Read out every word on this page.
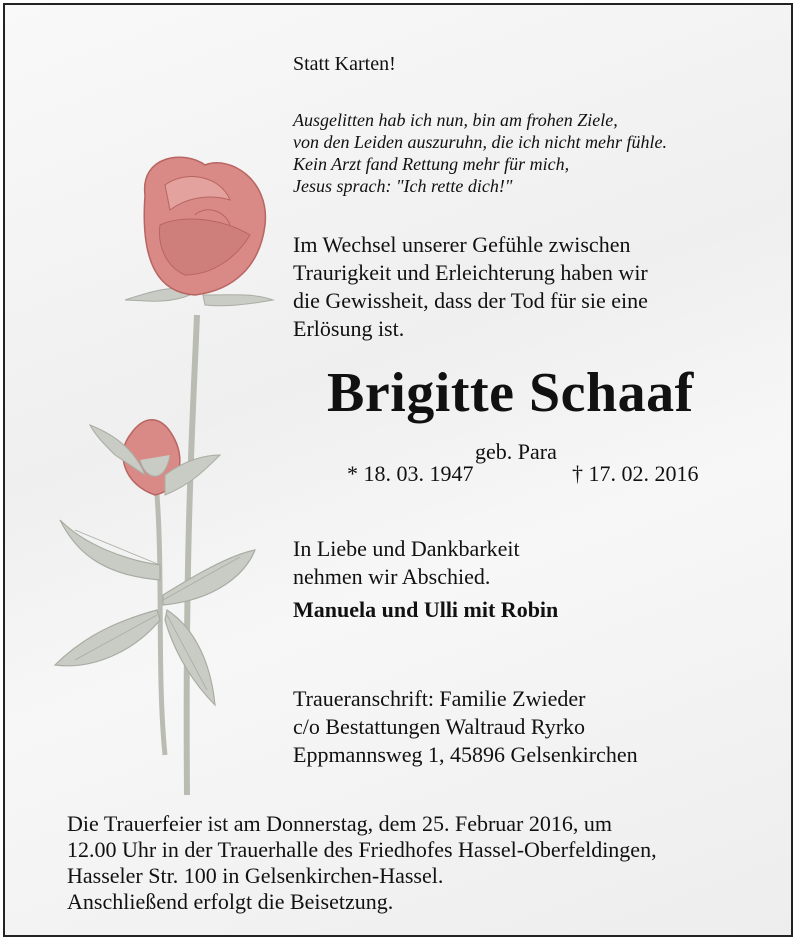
Statt Karten!
Ausgelitten hab ich nun, bin am frohen Ziele,
von den Leiden auszuruhn, die ich nicht mehr fühle.
Kein Arzt fand Rettung mehr für mich,
Jesus sprach: "Ich rette dich!"
Im Wechsel unserer Gefühle zwischen
Traurigkeit und Erleichterung haben wir
die Gewissheit, dass der Tod für sie eine
Erlösung ist.
Brigitte Schaaf
geb. Para
* 18. 03. 1947	† 17. 02. 2016
In Liebe und Dankbarkeit
nehmen wir Abschied.
Manuela und Ulli mit Robin
Traueranschrift: Familie Zwieder
c/o Bestattungen Waltraud Ryrko
Eppmannsweg 1, 45896 Gelsenkirchen
Die Trauerfeier ist am Donnerstag, dem 25. Februar 2016, um
12.00 Uhr in der Trauerhalle des Friedhofes Hassel-Oberfeldingen,
Hasseler Str. 100 in Gelsenkirchen-Hassel.
Anschließend erfolgt die Beisetzung.
